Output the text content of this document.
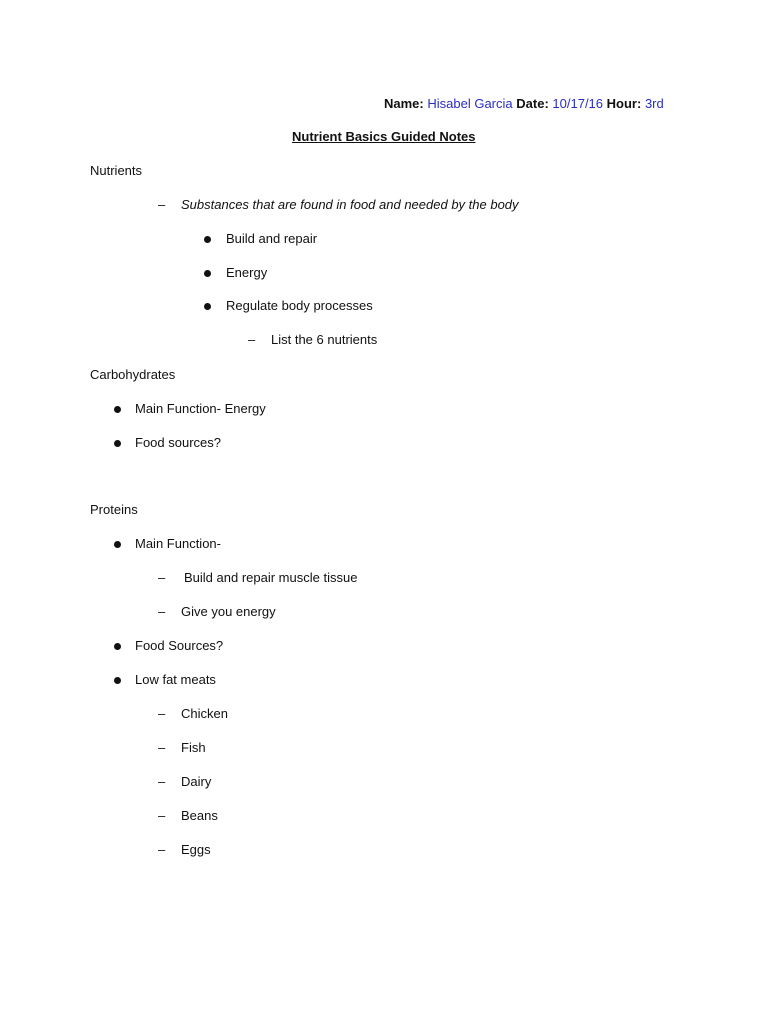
Name: Hisabel Garcia Date: 10/17/16 Hour: 3rd
Nutrient Basics Guided Notes
Nutrients
– Substances that are found in food and needed by the body
Build and repair
Energy
Regulate body processes
– List the 6 nutrients
Carbohydrates
Main Function- Energy
Food sources?
Proteins
Main Function-
– Build and repair muscle tissue
– Give you energy
Food Sources?
Low fat meats
– Chicken
– Fish
– Dairy
– Beans
– Eggs
